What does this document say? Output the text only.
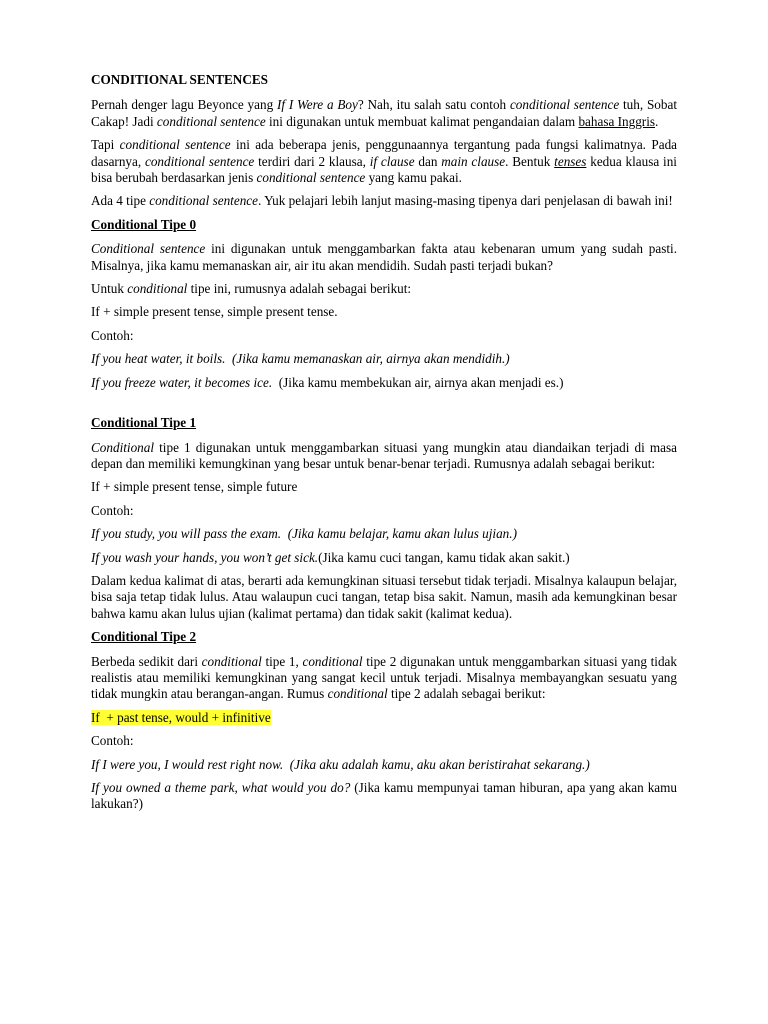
CONDITIONAL SENTENCES

Pernah denger lagu Beyonce yang If I Were a Boy? Nah, itu salah satu contoh conditional sentence tuh, Sobat Cakap! Jadi conditional sentence ini digunakan untuk membuat kalimat pengandaian dalam bahasa Inggris.

Tapi conditional sentence ini ada beberapa jenis, penggunaannya tergantung pada fungsi kalimatnya. Pada dasarnya, conditional sentence terdiri dari 2 klausa, if clause dan main clause. Bentuk tenses kedua klausa ini bisa berubah berdasarkan jenis conditional sentence yang kamu pakai.

Ada 4 tipe conditional sentence. Yuk pelajari lebih lanjut masing-masing tipenya dari penjelasan di bawah ini!

Conditional Tipe 0

Conditional sentence ini digunakan untuk menggambarkan fakta atau kebenaran umum yang sudah pasti. Misalnya, jika kamu memanaskan air, air itu akan mendidih. Sudah pasti terjadi bukan?

Untuk conditional tipe ini, rumusnya adalah sebagai berikut:

If + simple present tense, simple present tense.

Contoh:

If you heat water, it boils. (Jika kamu memanaskan air, airnya akan mendidih.)

If you freeze water, it becomes ice. (Jika kamu membekukan air, airnya akan menjadi es.)

Conditional Tipe 1

Conditional tipe 1 digunakan untuk menggambarkan situasi yang mungkin atau diandaikan terjadi di masa depan dan memiliki kemungkinan yang besar untuk benar-benar terjadi. Rumusnya adalah sebagai berikut:

If + simple present tense, simple future

Contoh:

If you study, you will pass the exam. (Jika kamu belajar, kamu akan lulus ujian.)

If you wash your hands, you won’t get sick.(Jika kamu cuci tangan, kamu tidak akan sakit.)

Dalam kedua kalimat di atas, berarti ada kemungkinan situasi tersebut tidak terjadi. Misalnya kalaupun belajar, bisa saja tetap tidak lulus. Atau walaupun cuci tangan, tetap bisa sakit. Namun, masih ada kemungkinan besar bahwa kamu akan lulus ujian (kalimat pertama) dan tidak sakit (kalimat kedua).

Conditional Tipe 2

Berbeda sedikit dari conditional tipe 1, conditional tipe 2 digunakan untuk menggambarkan situasi yang tidak realistis atau memiliki kemungkinan yang sangat kecil untuk terjadi. Misalnya membayangkan sesuatu yang tidak mungkin atau berangan-angan. Rumus conditional tipe 2 adalah sebagai berikut:

If  + past tense, would + infinitive

Contoh:

If I were you, I would rest right now. (Jika aku adalah kamu, aku akan beristirahat sekarang.)

If you owned a theme park, what would you do? (Jika kamu mempunyai taman hiburan, apa yang akan kamu lakukan?)
